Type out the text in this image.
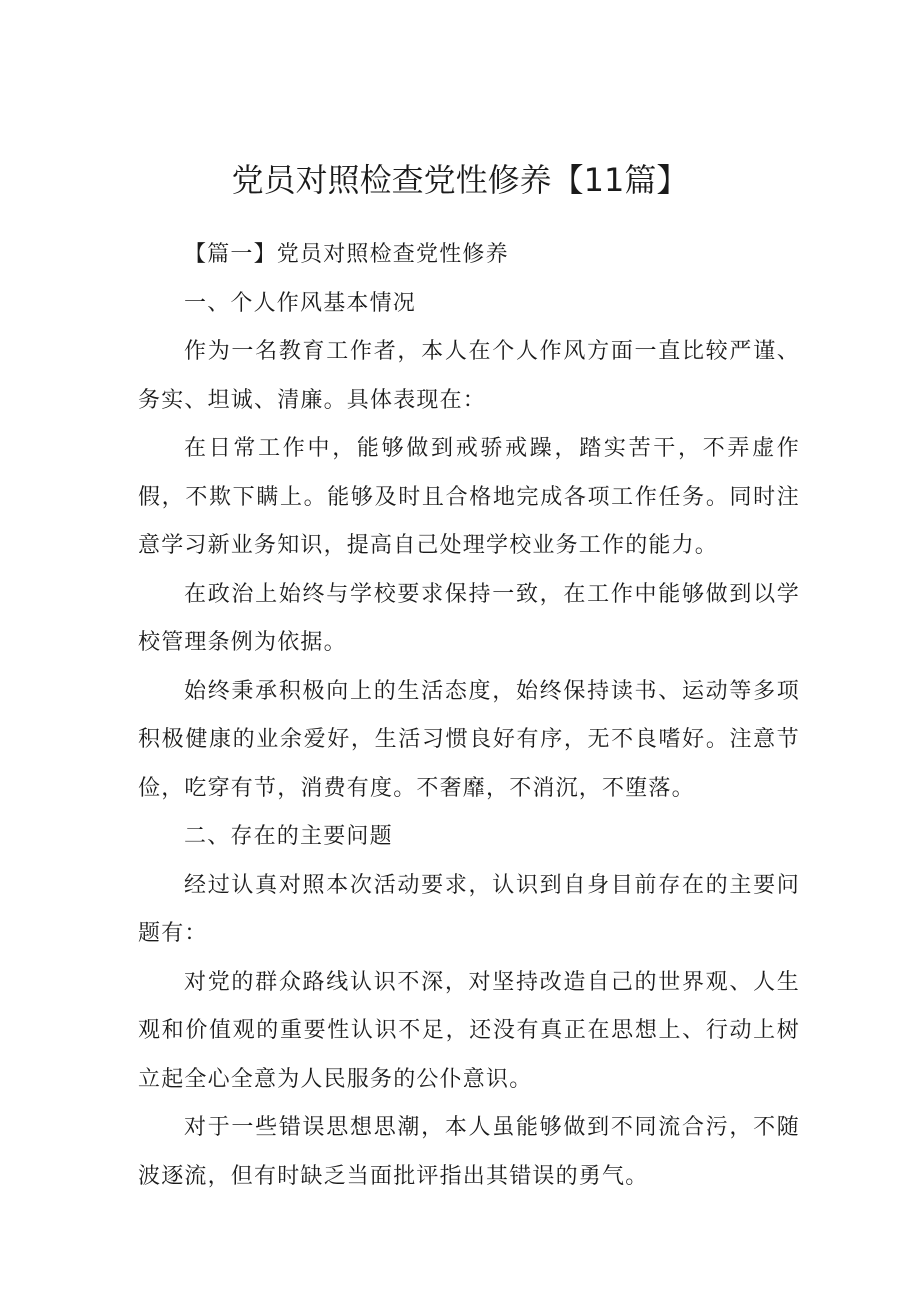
党员对照检查党性修养【11篇】

【篇一】党员对照检查党性修养

一、个人作风基本情况

作为一名教育工作者，本人在个人作风方面一直比较严谨、务实、坦诚、清廉。具体表现在：

在日常工作中，能够做到戒骄戒躁，踏实苦干，不弄虚作假，不欺下瞒上。能够及时且合格地完成各项工作任务。同时注意学习新业务知识，提高自己处理学校业务工作的能力。

在政治上始终与学校要求保持一致，在工作中能够做到以学校管理条例为依据。

始终秉承积极向上的生活态度，始终保持读书、运动等多项积极健康的业余爱好，生活习惯良好有序，无不良嗜好。注意节俭，吃穿有节，消费有度。不奢靡，不消沉，不堕落。

二、存在的主要问题

经过认真对照本次活动要求，认识到自身目前存在的主要问题有：

对党的群众路线认识不深，对坚持改造自己的世界观、人生观和价值观的重要性认识不足，还没有真正在思想上、行动上树立起全心全意为人民服务的公仆意识。

对于一些错误思想思潮，本人虽能够做到不同流合污，不随波逐流，但有时缺乏当面批评指出其错误的勇气。
